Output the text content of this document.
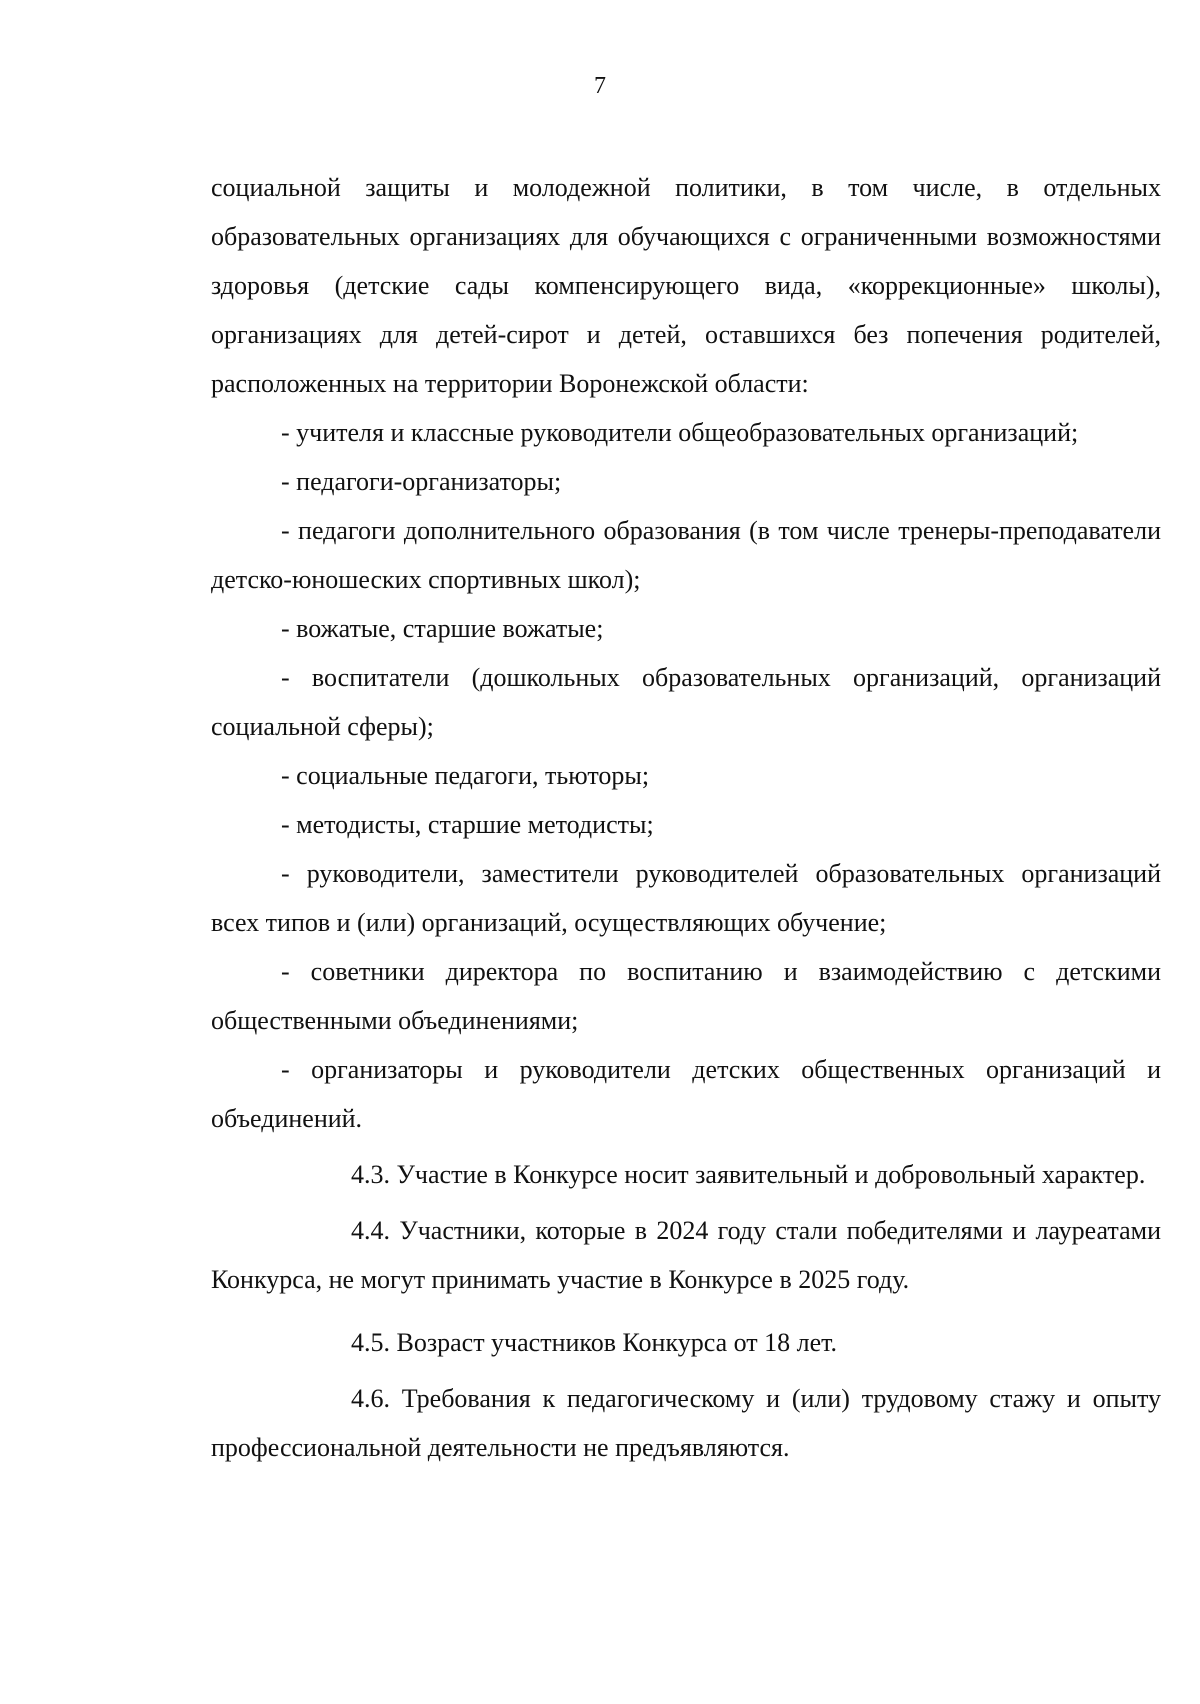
7

социальной защиты и молодежной политики, в том числе, в отдельных образовательных организациях для обучающихся с ограниченными возможностями здоровья (детские сады компенсирующего вида, «коррекционные» школы), организациях для детей-сирот и детей, оставшихся без попечения родителей, расположенных на территории Воронежской области:

- учителя и классные руководители общеобразовательных организаций;

- педагоги-организаторы;

- педагоги дополнительного образования (в том числе тренеры-преподаватели детско-юношеских спортивных школ);

- вожатые, старшие вожатые;

- воспитатели (дошкольных образовательных организаций, организаций социальной сферы);

- социальные педагоги, тьюторы;

- методисты, старшие методисты;

- руководители, заместители руководителей образовательных организаций всех типов и (или) организаций, осуществляющих обучение;

- советники директора по воспитанию и взаимодействию с детскими общественными объединениями;

- организаторы и руководители детских общественных организаций и объединений.

4.3. Участие в Конкурсе носит заявительный и добровольный характер.

4.4. Участники, которые в 2024 году стали победителями и лауреатами Конкурса, не могут принимать участие в Конкурсе в 2025 году.

4.5. Возраст участников Конкурса от 18 лет.

4.6. Требования к педагогическому и (или) трудовому стажу и опыту профессиональной деятельности не предъявляются.
